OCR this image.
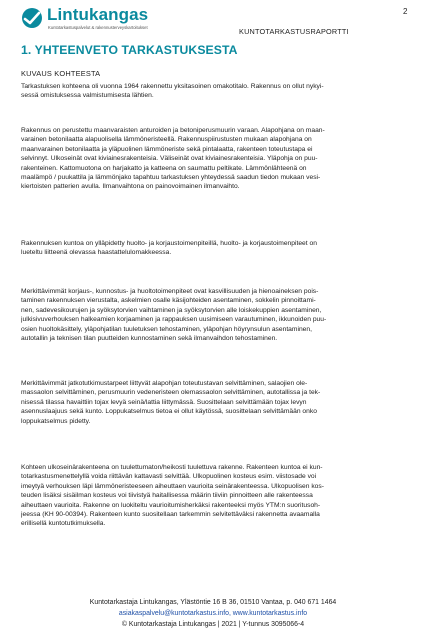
Lintukangas
Kuntotarkastuspalvelut & rakennusterveyskartoitukset	KUNTOTARKASTUSRAPORTTI
2
1. YHTEENVETO TARKASTUKSESTA
KUVAUS KOHTEESTA
Tarkastuksen kohteena oli vuonna 1964 rakennettu yksitasoinen omakotitalo. Rakennus on ollut nykyi-
sessä omistuksessa valmistumisesta lähtien.
Rakennus on perustettu maanvaraisten anturoiden ja betoniperusmuurin varaan. Alapohjana on maan-
varainen betonilaatta alapuolisella lämmöneristeellä. Rakennuspiirustusten mukaan alapohjana on
maanvarainen betonilaatta ja yläpuolinen lämmöneriste sekä pintalaatta, rakenteen toteutustapa ei
selvinnyt. Ulkoseinät ovat kiviainesrakenteisia. Väliseinät ovat kiviainesrakenteisia. Yläpohja on puu-
rakenteinen. Kattomuotona on harjakatto ja katteena on saumattu peltikate. Lämmönlähteenä on
maalämpö / puukattila ja lämmönjako tapahtuu tarkastuksen yhteydessä saadun tiedon mukaan vesi-
kiertoisten patterien avulla. Ilmanvaihtona on painovoimainen ilmanvaihto.
Rakennuksen kuntoa on ylläpidetty huolto- ja korjaustoimenpiteillä, huolto- ja korjaustoimenpiteet on
lueteltu liitteenä olevassa haastattelulomakkeessa.
Merkittävimmät korjaus-, kunnostus- ja huoltotoimenpiteet ovat kasvillisuuden ja hienoaineksen pois-
taminen rakennuksen vierustalta, askelmien osalle käsijohteiden asentaminen, sokkelin pinnoittami-
nen, sadevesikourujen ja syöksytorvien vaihtaminen ja syöksytorvien alle loiskekuppien asentaminen,
julkisivuverhouksen halkeamien korjaaminen ja rappauksen uusimiseen varautuminen, ikkunoiden puu-
osien huoltokäsittely, yläpohjatilan tuuletuksen tehostaminen, yläpohjan höyrynsulun asentaminen,
autotallin ja teknisen tilan puutteiden kunnostaminen sekä ilmanvaihdon tehostaminen.
Merkittävimmät jatkotutkimustarpeet liittyvät alapohjan toteutustavan selvittäminen, salaojien ole-
massaolon selvittäminen, perusmuurin vedeneristeen olemassaolon selvittäminen, autotallissa ja tek-
nisessä tilassa havaittiin tojax levyä seinä/lattia liittymässä. Suosittelaan selvittämään tojax levyn
asennuslaajuus sekä kunto. Loppukatselmus tietoa ei ollut käytössä, suosittelaan selvittämään onko
loppukatselmus pidetty.
Kohteen ulkoseinärakenteena on tuulettumaton/heikosti tuulettuva rakenne. Rakenteen kuntoa ei kun-
totarkastusmenettelyllä voida riittävän kattavasti selvittää. Ulkopuolinen kosteus esim. viistosade voi
imeytyä verhouksen läpi lämmöneristeeseen aiheuttaen vaurioita seinärakenteessa. Ulkopuolisen kos-
teuden lisäksi sisäilman kosteus voi tiivistyä haitallisessa määrin tiiviin pinnoitteen alle rakenteessa
aiheuttaen vaurioita. Rakenne on luokiteltu vaurioitumisherkäksi rakenteeksi myös YTM:n suoritusoh-
jeessa (KH 90-00394). Rakenteen kunto suositellaan tarkemmin selvitettäväksi rakennetta avaamalla
erillisellä kuntotutkimuksella.
Kuntotarkastaja Lintukangas, Ylästöntie 16 B 36, 01510 Vantaa, p. 040 671 1464
asiakaspalvelu@kuntotarkastus.info, www.kuntotarkastus.info
© Kuntotarkastaja Lintukangas | 2021 | Y-tunnus 3095066-4
